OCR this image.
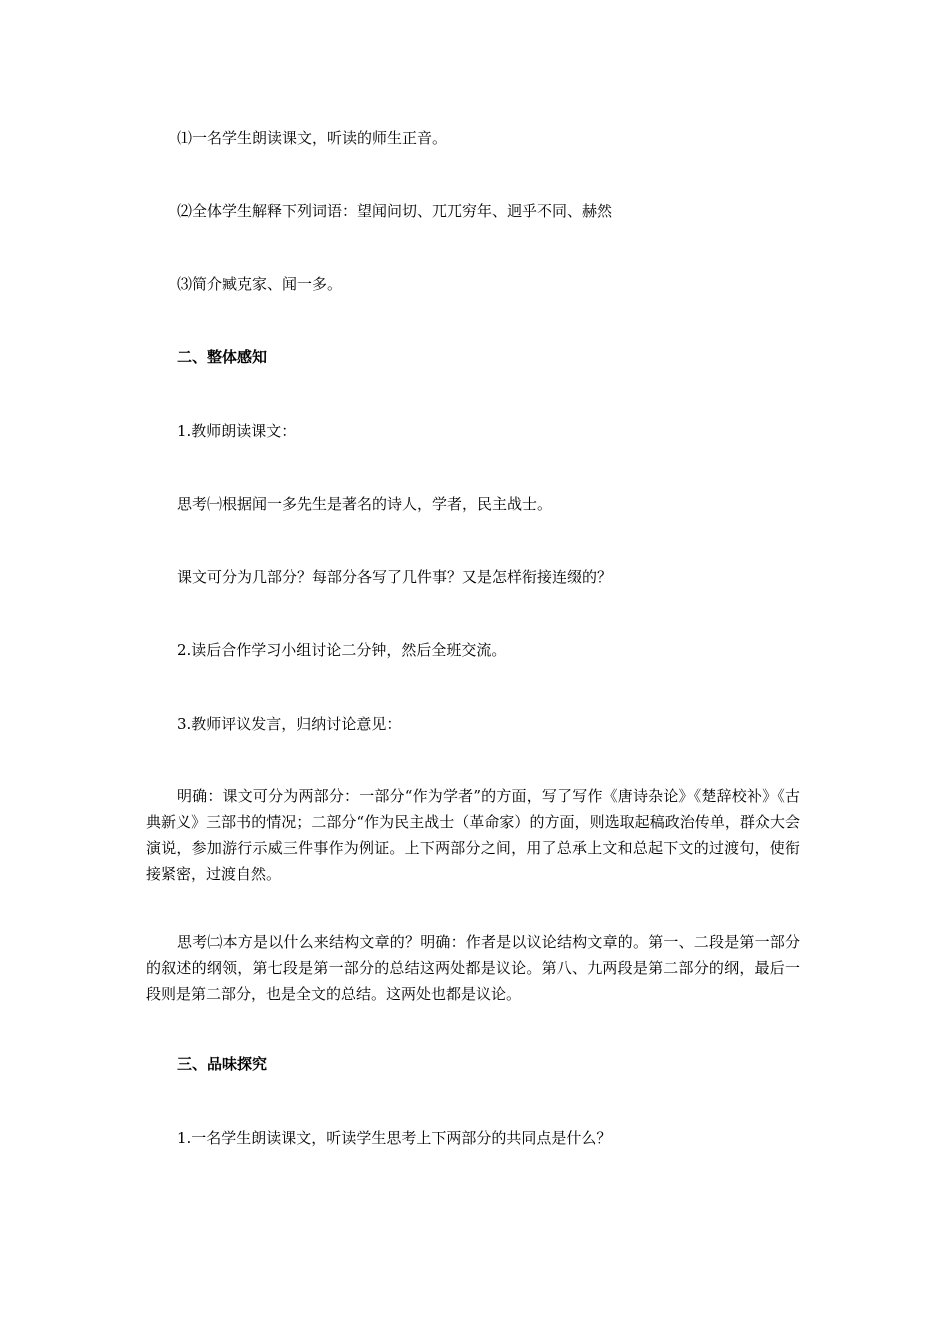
⑴一名学生朗读课文，听读的师生正音。
⑵全体学生解释下列词语：望闻问切、兀兀穷年、迥乎不同、赫然
⑶简介臧克家、闻一多。
二、整体感知
1.教师朗读课文：
思考㈠根据闻一多先生是著名的诗人，学者，民主战士。
课文可分为几部分？每部分各写了几件事？又是怎样衔接连缀的？
2.读后合作学习小组讨论二分钟，然后全班交流。
3.教师评议发言，归纳讨论意见：
明确：课文可分为两部分：一部分“作为学者”的方面，写了写作《唐诗杂论》《楚辞校补》《古典新义》三部书的情况；二部分“作为民主战士（革命家）的方面，则选取起稿政治传单，群众大会演说，参加游行示威三件事作为例证。上下两部分之间，用了总承上文和总起下文的过渡句，使衔接紧密，过渡自然。
思考㈡本方是以什么来结构文章的？明确：作者是以议论结构文章的。第一、二段是第一部分的叙述的纲领，第七段是第一部分的总结这两处都是议论。第八、九两段是第二部分的纲，最后一段则是第二部分，也是全文的总结。这两处也都是议论。
三、品味探究
1.一名学生朗读课文，听读学生思考上下两部分的共同点是什么？
